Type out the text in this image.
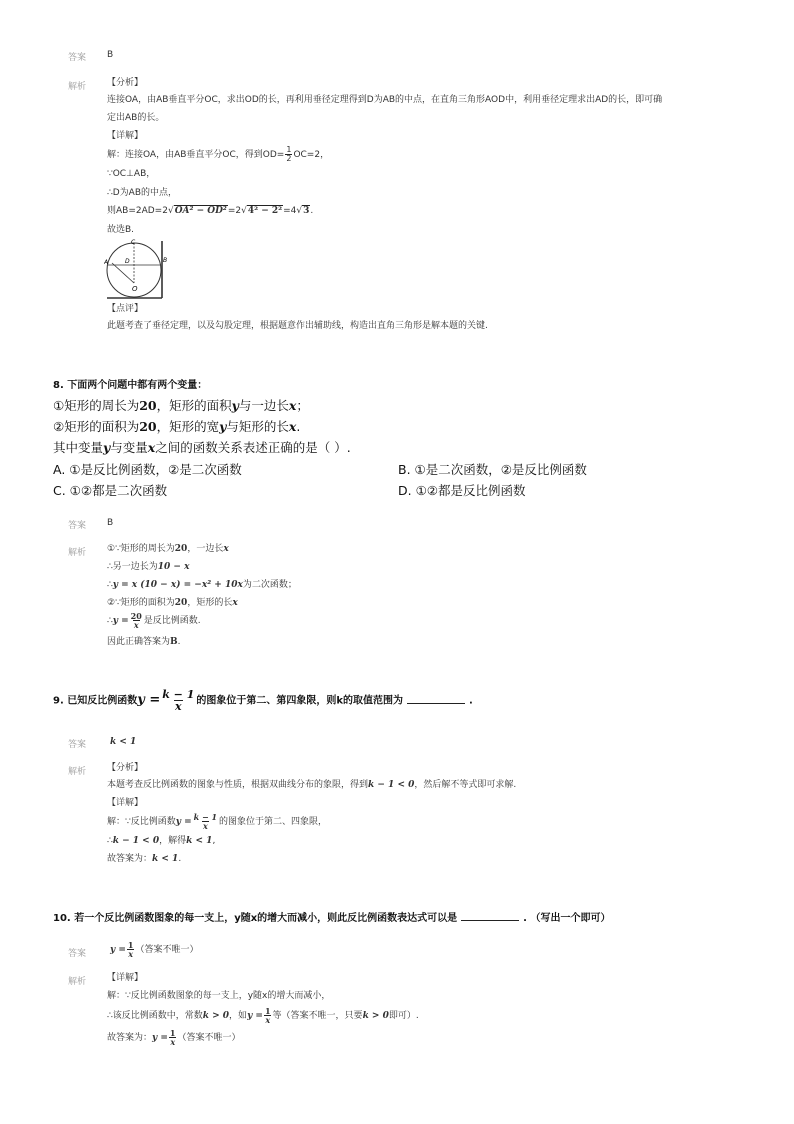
答案 B
解析 【分析】
连接OA，由AB垂直平分OC，求出OD的长，再利用垂径定理得到D为AB的中点，在直角三角形AOD中，利用垂径定理求出AD的长，即可确
定出AB的长。
【详解】
解：连接OA，由AB垂直平分OC，得到$OD= \frac{1}{2} OC=2$，
∵OC⊥AB，
∴D为AB的中点，
则AB=2AD=2√OA² − OD²=2√4² − 2²=4√3.
故选B.
C
D
O
A	B
【点评】
此题考查了垂径定理，以及勾股定理，根据题意作出辅助线，构造出直角三角形是解本题的关键.
8. 下面两个问题中都有两个变量：
①矩形的周长为20，矩形的面积y与一边长x；
②矩形的面积为20，矩形的宽y与矩形的长x.
其中变量y与变量x之间的函数关系表述正确的是（ ）.
A. ①是反比例函数，②是二次函数	B. ①是二次函数，②是反比例函数
C. ①②都是二次函数	D. ①②都是反比例函数
答案 B
解析 ①∵矩形的周长为20，一边长x
∴另一边长为10 − x
∴y = x (10 − x) = −x² + 10x为二次函数；
②∵矩形的面积为20，矩形的长x
∴y = $\frac{20}{x}$ 是反比例函数.
因此正确答案为B.
9. 已知反比例函数$y = \frac{k - 1}{x}$ 的图象位于第二、第四象限，则k的取值范围为	.
答案	k < 1
解析 【分析】
本题考查反比例函数的图象与性质，根据双曲线分布的象限，得到k − 1 < 0，然后解不等式即可求解.
【详解】
解：∵反比例函数$y = \frac{k - 1}{x}$ 的图象位于第二、四象限，
∴k − 1 < 0，解得k < 1,
故答案为：k < 1.
10. 若一个反比例函数图象的每一支上，y随x的增大而减小，则此反比例函数表达式可以是	. （写出一个即可）
答案	$y = \frac{1}{x}$ （答案不唯一）
解析 【详解】
解：∵反比例函数图象的每一支上，y随x的增大而减小，
∴该反比例函数中，常数k > 0，如$y = \frac{1}{x}$ 等（答案不唯一，只要k > 0即可）.
故答案为：$y = \frac{1}{x}$ （答案不唯一）
